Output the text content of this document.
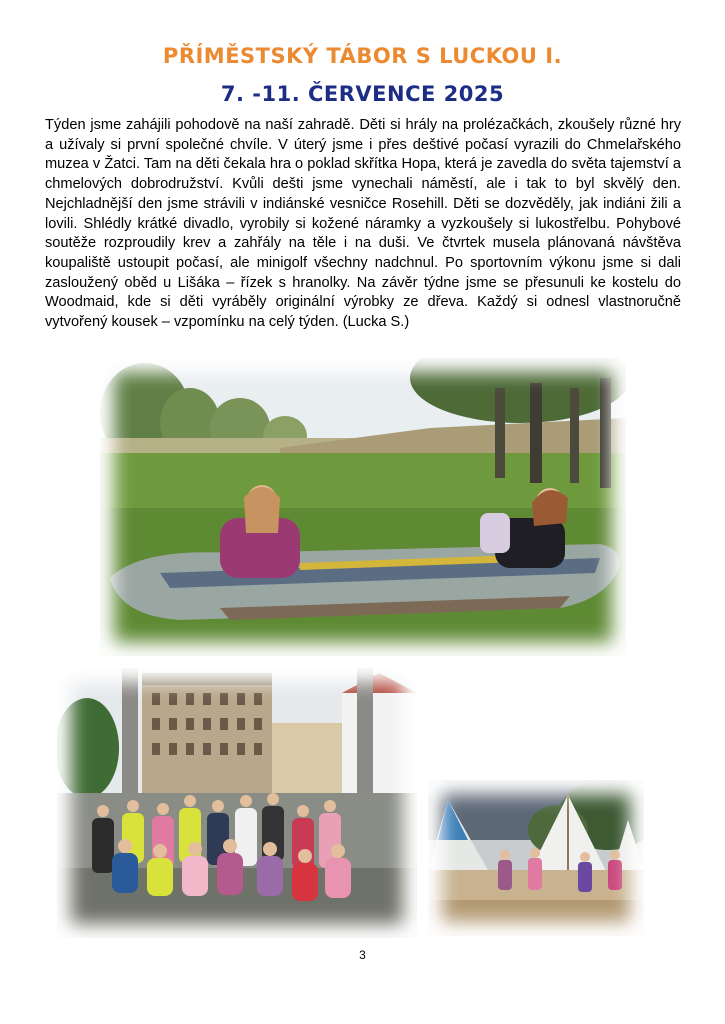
PŘÍMĚSTSKÝ TÁBOR S LUCKOU I.
7. -11. ČERVENCE 2025
Týden jsme zahájili pohodově na naší zahradě. Děti si hrály na prolézačkách, zkoušely různé hry a užívaly si první společné chvíle. V úterý jsme i přes deštivé počasí vyrazili do Chmelařského muzea v Žatci. Tam na děti čekala hra o poklad skřítka Hopa, která je zavedla do světa tajemství a chmelových dobrodružství. Kvůli dešti jsme vynechali náměstí, ale i tak to byl skvělý den. Nejchladnější den jsme strávili v indiánské vesničce Rosehill. Děti se dozvěděly, jak indiáni žili a lovili. Shlédly krátké divadlo, vyrobily si kožené náramky a vyzkoušely si lukostřelbu. Pohybové soutěže rozproudily krev a zahřály na těle i na duši. Ve čtvrtek musela plánovaná návštěva koupaliště ustoupit počasí, ale minigolf všechny nadchnul. Po sportovním výkonu jsme si dali zasloužený oběd u Lišáka – řízek s hranolky. Na závěr týdne jsme se přesunuli ke kostelu do Woodmaid, kde si děti vyráběly originální výrobky ze dřeva. Každý si odnesl vlastnoručně vytvořený kousek – vzpomínku na celý týden. (Lucka S.)
3
